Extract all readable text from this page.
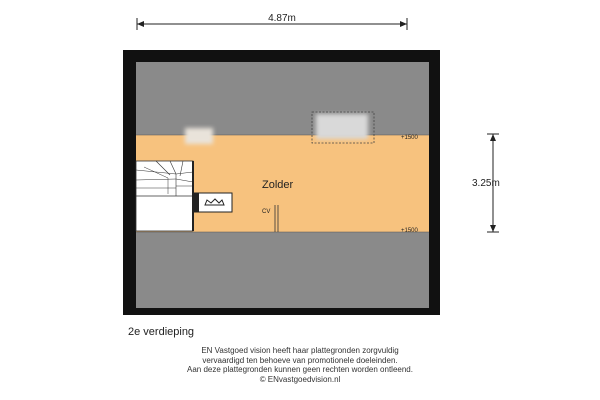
4.87m
CV
Zolder
+1500
+1500
3.25m
2e verdieping
EN Vastgoed vision heeft haar plattegronden zorgvuldig
vervaardigd ten behoeve van promotionele doeleinden.
Aan deze plattegronden kunnen geen rechten worden ontleend.
© ENvastgoedvision.nl
